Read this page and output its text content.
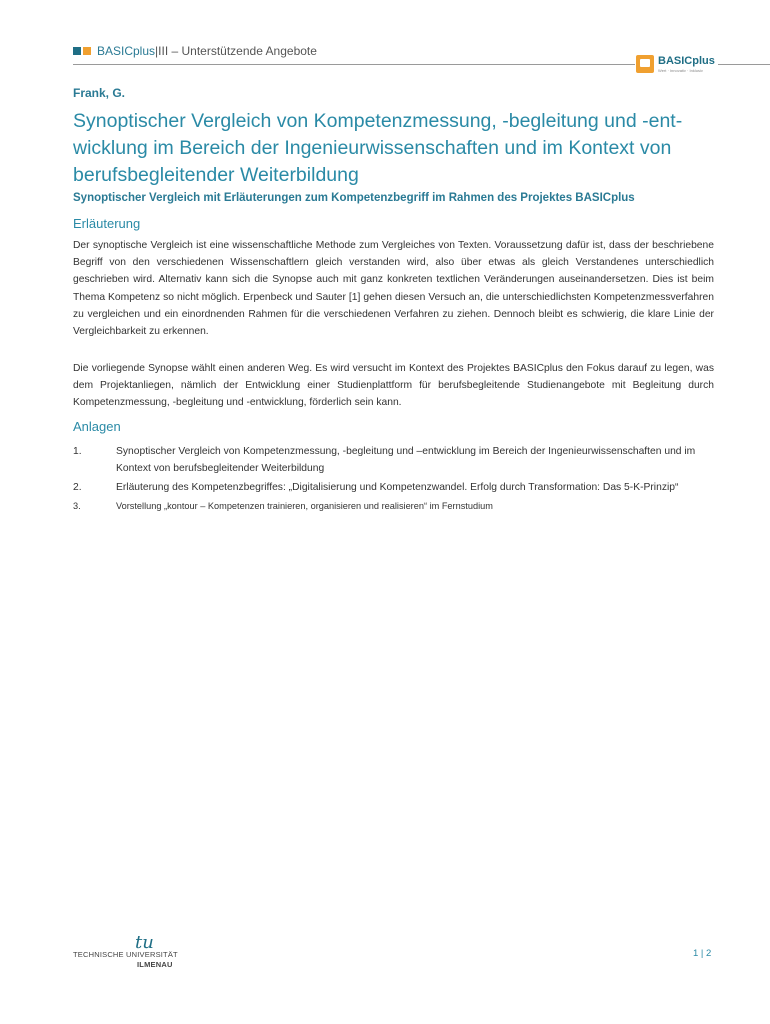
BASICplus |III – Unterstützende Angebote
BASICplus
Wert · Innovativ · Inklusiv
Frank, G.
Synoptischer Vergleich von Kompetenzmessung, -begleitung und -entwicklung im Bereich der Ingenieurwissenschaften und im Kontext von berufsbegleitender Weiterbildung
Synoptischer Vergleich mit Erläuterungen zum Kompetenzbegriff im Rahmen des Projektes BASICplus
Erläuterung

Der synoptische Vergleich ist eine wissenschaftliche Methode zum Vergleiches von Texten. Voraussetzung dafür ist, dass der beschriebene Begriff von den verschiedenen Wissenschaftlern gleich verstanden wird, also über etwas als gleich Verstandenes unterschiedlich geschrieben wird. Alternativ kann sich die Synopse auch mit ganz konkreten textlichen Veränderungen auseinandersetzen. Dies ist beim Thema Kompetenz so nicht möglich. Erpenbeck und Sauter [1] gehen diesen Versuch an, die unterschiedlichsten Kompetenzmessverfahren zu vergleichen und ein einordnenden Rahmen für die verschiedenen Verfahren zu ziehen. Dennoch bleibt es schwierig, die klare Linie der Vergleichbarkeit zu erkennen.

Die vorliegende Synopse wählt einen anderen Weg. Es wird versucht im Kontext des Projektes BASICplus den Fokus darauf zu legen, was dem Projektanliegen, nämlich der Entwicklung einer Studienplattform für berufsbegleitende Studienangebote mit Begleitung durch Kompetenzmessung, -begleitung und -entwicklung, förderlich sein kann.

Anlagen
1.	Synoptischer Vergleich von Kompetenzmessung, -begleitung und –entwicklung im Bereich der Ingenieurwissenschaften und im Kontext von berufsbegleitender Weiterbildung
2.	Erläuterung des Kompetenzbegriffes: „Digitalisierung und Kompetenzwandel. Erfolg durch Transformation: Das 5-K-Prinzip“
3.	Vorstellung „kontour – Kompetenzen trainieren, organisieren und realisieren“ im Fernstudium
tu
TECHNISCHE UNIVERSITÄT
ILMENAU
1 | 2
